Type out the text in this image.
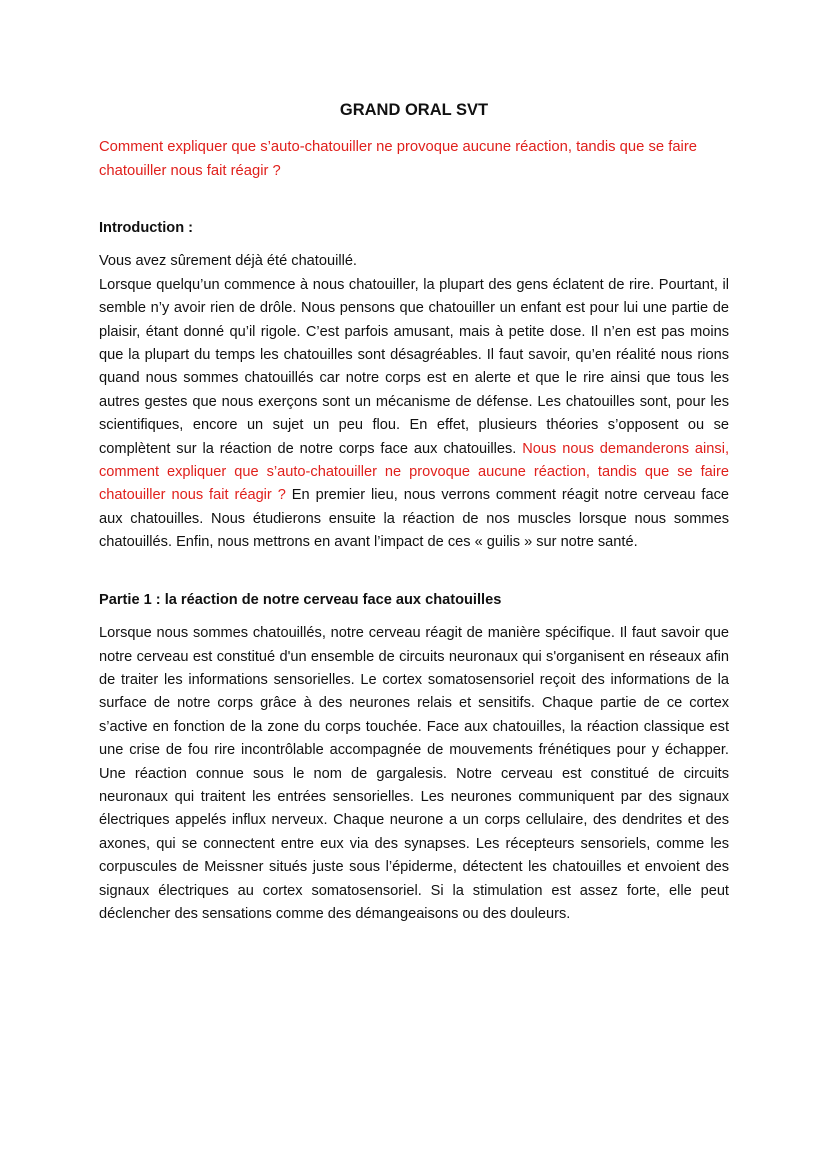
GRAND ORAL SVT

Comment expliquer que s’auto-chatouiller ne provoque aucune réaction, tandis que se faire chatouiller nous fait réagir ?

Introduction :

Vous avez sûrement déjà été chatouillé.

Lorsque quelqu’un commence à nous chatouiller, la plupart des gens éclatent de rire. Pourtant, il semble n’y avoir rien de drôle. Nous pensons que chatouiller un enfant est pour lui une partie de plaisir, étant donné qu’il rigole. C’est parfois amusant, mais à petite dose. Il n’en est pas moins que la plupart du temps les chatouilles sont désagréables. Il faut savoir, qu’en réalité nous rions quand nous sommes chatouillés car notre corps est en alerte et que le rire ainsi que tous les autres gestes que nous exerçons sont un mécanisme de défense. Les chatouilles sont, pour les scientifiques, encore un sujet un peu flou. En effet, plusieurs théories s’opposent ou se complètent sur la réaction de notre corps face aux chatouilles. Nous nous demanderons ainsi, comment expliquer que s’auto-chatouiller ne provoque aucune réaction, tandis que se faire chatouiller nous fait réagir ? En premier lieu, nous verrons comment réagit notre cerveau face aux chatouilles. Nous étudierons ensuite la réaction de nos muscles lorsque nous sommes chatouillés. Enfin, nous mettrons en avant l’impact de ces « guilis » sur notre santé.

Partie 1 : la réaction de notre cerveau face aux chatouilles

Lorsque nous sommes chatouillés, notre cerveau réagit de manière spécifique. Il faut savoir que notre cerveau est constitué d'un ensemble de circuits neuronaux qui s'organisent en réseaux afin de traiter les informations sensorielles. Le cortex somatosensoriel reçoit des informations de la surface de notre corps grâce à des neurones relais et sensitifs. Chaque partie de ce cortex s’active en fonction de la zone du corps touchée. Face aux chatouilles, la réaction classique est une crise de fou rire incontrôlable accompagnée de mouvements frénétiques pour y échapper. Une réaction connue sous le nom de gargalesis. Notre cerveau est constitué de circuits neuronaux qui traitent les entrées sensorielles. Les neurones communiquent par des signaux électriques appelés influx nerveux. Chaque neurone a un corps cellulaire, des dendrites et des axones, qui se connectent entre eux via des synapses. Les récepteurs sensoriels, comme les corpuscules de Meissner situés juste sous l’épiderme, détectent les chatouilles et envoient des signaux électriques au cortex somatosensoriel. Si la stimulation est assez forte, elle peut déclencher des sensations comme des démangeaisons ou des douleurs.
